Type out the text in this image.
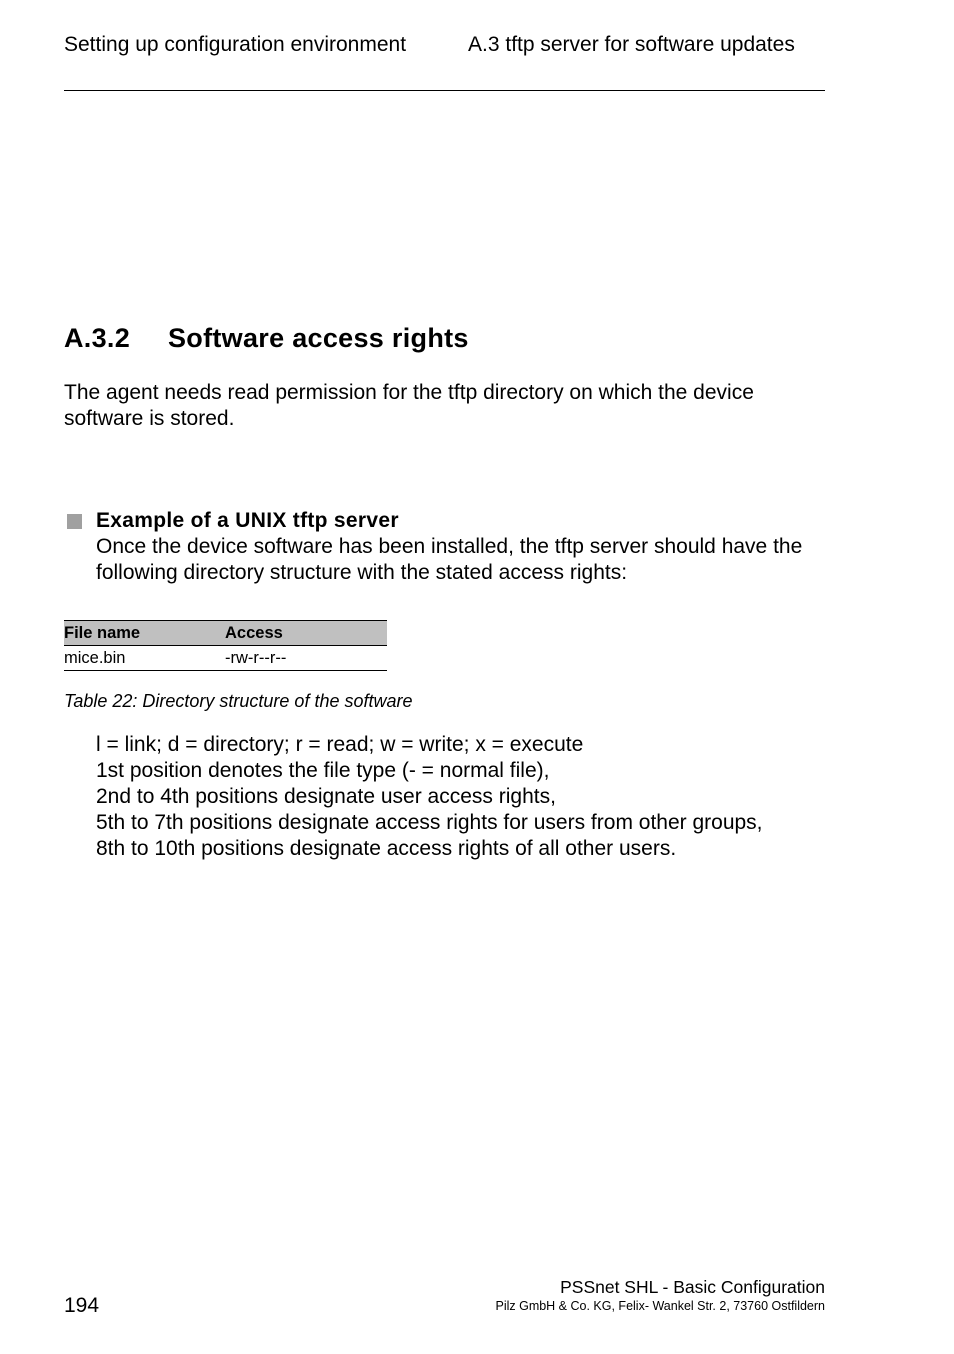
Setting up configuration environment	A.3 tftp server for software updates
A.3.2 Software access rights
The agent needs read permission for the tftp directory on which the device software is stored.
Example of a UNIX tftp server
Once the device software has been installed, the tftp server should have the following directory structure with the stated access rights:
File name	Access
mice.bin	-rw-r--r--
Table 22: Directory structure of the software
l = link; d = directory; r = read; w = write; x = execute
1st position denotes the file type (- = normal file),
2nd to 4th positions designate user access rights,
5th to 7th positions designate access rights for users from other groups,
8th to 10th positions designate access rights of all other users.
194
PSSnet SHL - Basic Configuration
Pilz GmbH & Co. KG, Felix- Wankel Str. 2, 73760 Ostfildern
